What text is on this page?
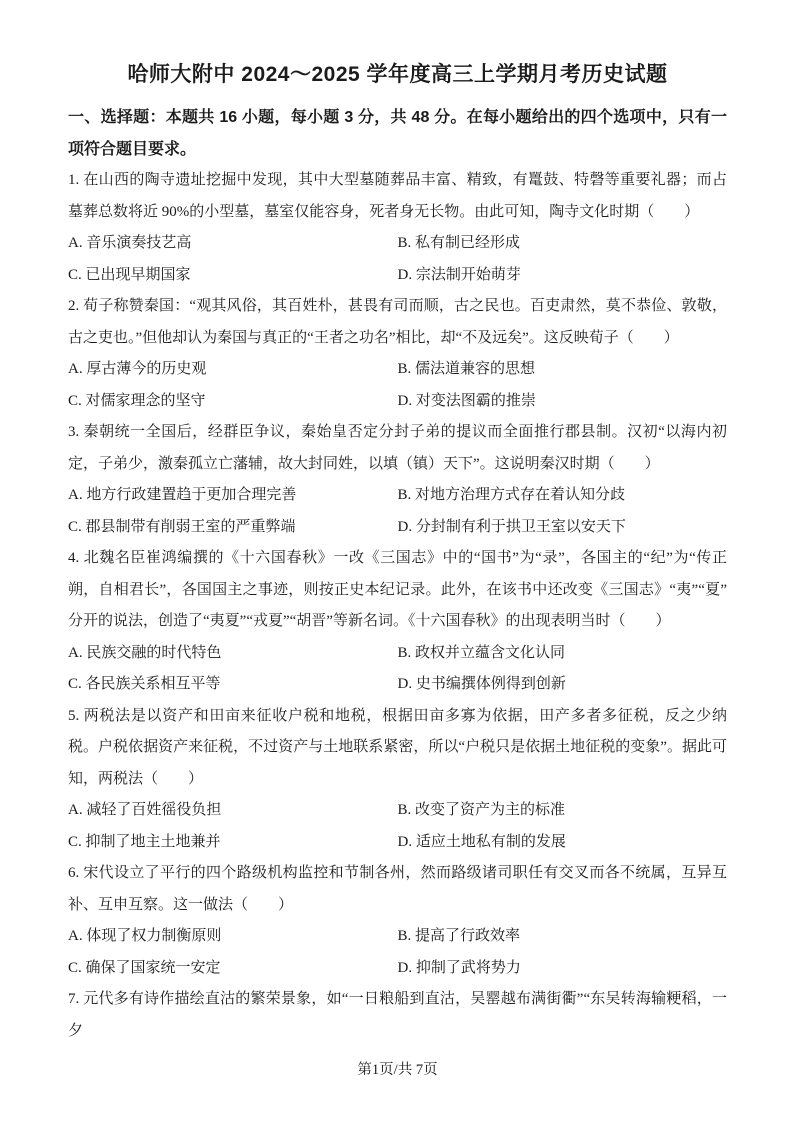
哈师大附中 2024～2025 学年度高三上学期月考历史试题

一、选择题：本题共 16 小题，每小题 3 分，共 48 分。在每小题给出的四个选项中，只有一项符合题目要求。

1. 在山西的陶寺遗址挖掘中发现，其中大型墓随葬品丰富、精致，有鼍鼓、特磬等重要礼器；而占墓葬总数将近 90%的小型墓，墓室仅能容身，死者身无长物。由此可知，陶寺文化时期（　　）

A. 音乐演奏技艺高	B. 私有制已经形成
C. 已出现早期国家	D. 宗法制开始萌芽

2. 荀子称赞秦国：“观其风俗，其百姓朴，甚畏有司而顺，古之民也。百吏肃然，莫不恭俭、敦敬，古之吏也。”但他却认为秦国与真正的“王者之功名”相比，却“不及远矣”。这反映荀子（　　）

A. 厚古薄今的历史观	B. 儒法道兼容的思想
C. 对儒家理念的坚守	D. 对变法图霸的推崇

3. 秦朝统一全国后，经群臣争议，秦始皇否定分封子弟的提议而全面推行郡县制。汉初“以海内初定，子弟少，激秦孤立亡藩辅，故大封同姓，以填（镇）天下”。这说明秦汉时期（　　）

A. 地方行政建置趋于更加合理完善	B. 对地方治理方式存在着认知分歧
C. 郡县制带有削弱王室的严重弊端	D. 分封制有利于拱卫王室以安天下

4. 北魏名臣崔鸿编撰的《十六国春秋》一改《三国志》中的“国书”为“录”，各国主的“纪”为“传正朔，自相君长”，各国国主之事迹，则按正史本纪记录。此外，在该书中还改变《三国志》“夷”“夏”分开的说法，创造了“夷夏”“戎夏”“胡晋”等新名词。《十六国春秋》的出现表明当时（　　）

A. 民族交融的时代特色	B. 政权并立蕴含文化认同
C. 各民族关系相互平等	D. 史书编撰体例得到创新

5. 两税法是以资产和田亩来征收户税和地税，根据田亩多寡为依据，田产多者多征税，反之少纳税。户税依据资产来征税，不过资产与土地联系紧密，所以“户税只是依据土地征税的变象”。据此可知，两税法（　　）

A. 减轻了百姓徭役负担	B. 改变了资产为主的标准
C. 抑制了地主土地兼并	D. 适应土地私有制的发展

6. 宋代设立了平行的四个路级机构监控和节制各州，然而路级诸司职任有交叉而各不统属，互异互补、互申互察。这一做法（　　）

A. 体现了权力制衡原则	B. 提高了行政效率
C. 确保了国家统一安定	D. 抑制了武将势力

7. 元代多有诗作描绘直沽的繁荣景象，如“一日粮船到直沽，吴罂越布满街衢”“东吴转海输粳稻，一夕

第1页/共 7页
